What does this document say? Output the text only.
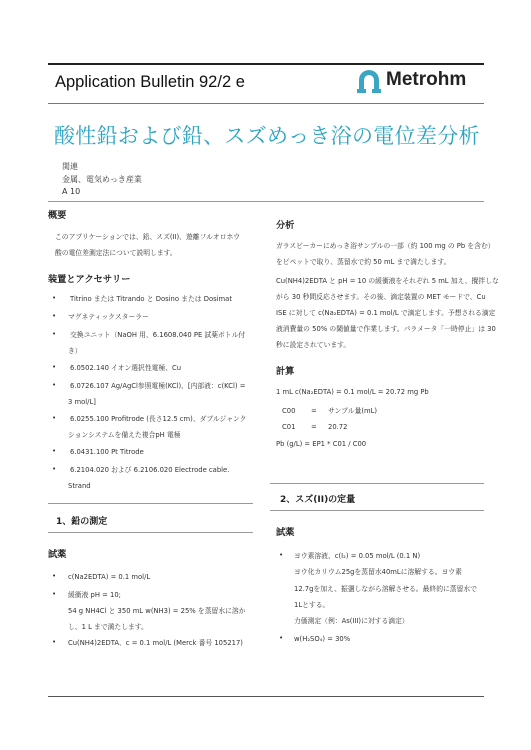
Application Bulletin 92/2 e	Metrohm
酸性鉛および鉛、スズめっき浴の電位差分析
関連
金属、電気めっき産業
A 10
概要
このアプリケーションでは、鉛、スズ(II)、遊離フルオロホウ
酸の電位差測定法について説明します。
装置とアクセサリー
• Titrino または Titrando と Dosino または Dosimat
• マグネティックスターラー
• 交換ユニット（NaOH 用、6.1608.040 PE 試薬ボトル付
き）
• 6.0502.140 イオン選択性電極、Cu
• 6.0726.107 Ag/AgCl参照電極(KCl)、[内部液：c(KCl) =
3 mol/L]
• 6.0255.100 Profitrode (長さ12.5 cm)、ダブルジャンク
ションシステムを備えた複合pH 電極
• 6.0431.100 Pt Titrode
• 6.2104.020 および 6.2106.020 Electrode cable.
Strand
1、鉛の測定
試薬
• c(Na2EDTA) = 0.1 mol/L
• 緩衝液 pH = 10;
54 g NH4Cl と 350 mL w(NH3) = 25% を蒸留水に溶か
し、1 L まで満たします。
• Cu(NH4)2EDTA、c = 0.1 mol/L (Merck 番号 105217)
分析
ガラスビーカーにめっき浴サンプルの一部（約 100 mg の Pb を含む）
をピペットで取り、蒸留水で約 50 mL まで満たします。
Cu(NH4)2EDTA と pH = 10 の緩衝液をそれぞれ 5 mL 加え、攪拌しな
がら 30 秒間反応させます。その後、滴定装置の MET モードで、Cu
ISE に対して c(Na₂EDTA) = 0.1 mol/L で滴定します。予想される滴定
液消費量の 50% の閾値量で作業します。パラメータ「一時停止」は 30
秒に設定されています。
計算
1 mL c(Na₂EDTA) = 0.1 mol/L = 20.72 mg Pb
C00 = サンプル量(mL)
C01 = 20.72
Pb (g/L) = EP1 * C01 / C00
2、スズ(II)の定量
試薬
• ヨウ素溶液、c(I₂) = 0.05 mol/L (0.1 N)
ヨウ化カリウム25gを蒸留水40mLに溶解する。ヨウ素
12.7gを加え、振盪しながら溶解させる。最終的に蒸留水で
1Lとする。
力価測定（例：As(III)に対する滴定）
• w(H₂SO₄) = 30%
